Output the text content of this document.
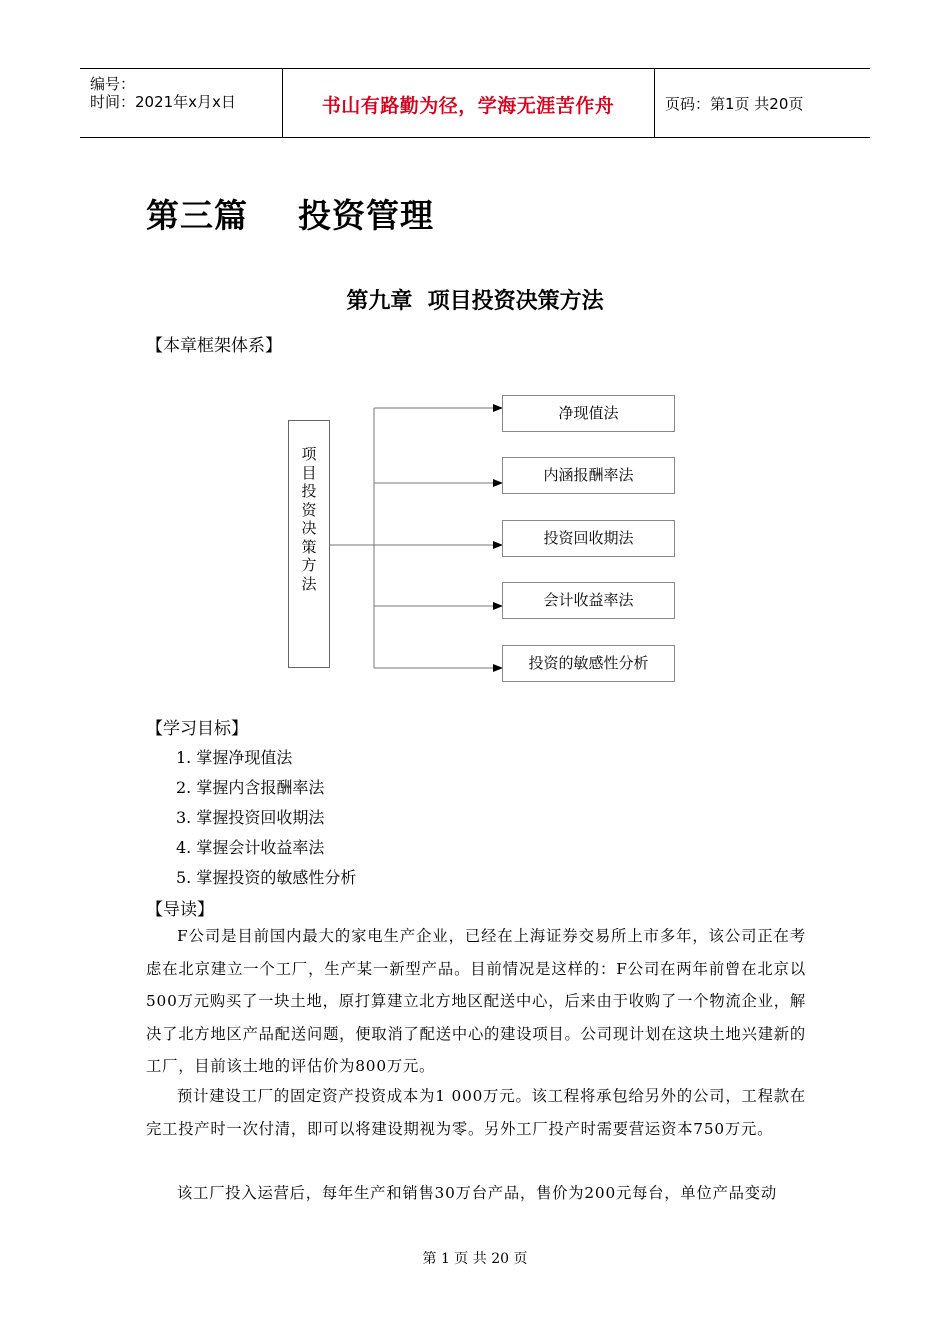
编号：
时间：2021年x月x日	书山有路勤为径，学海无涯苦作舟	页码：第1页 共20页
第三篇    投资管理
第九章  项目投资决策方法
【本章框架体系】
项
目
投
资
决
策
方
法
净现值法
内涵报酬率法
投资回收期法
会计收益率法
投资的敏感性分析
【学习目标】
1. 掌握净现值法
2. 掌握内含报酬率法
3. 掌握投资回收期法
4. 掌握会计收益率法
5. 掌握投资的敏感性分析
【导读】
F公司是目前国内最大的家电生产企业，已经在上海证券交易所上市多年，该公司正在考虑在北京建立一个工厂，生产某一新型产品。目前情况是这样的：F公司在两年前曾在北京以500万元购买了一块土地，原打算建立北方地区配送中心，后来由于收购了一个物流企业，解决了北方地区产品配送问题，便取消了配送中心的建设项目。公司现计划在这块土地兴建新的工厂，目前该土地的评估价为800万元。
预计建设工厂的固定资产投资成本为1 000万元。该工程将承包给另外的公司，工程款在完工投产时一次付清，即可以将建设期视为零。另外工厂投产时需要营运资本750万元。
该工厂投入运营后，每年生产和销售30万台产品，售价为200元每台，单位产品变动
第 1 页 共 20 页
